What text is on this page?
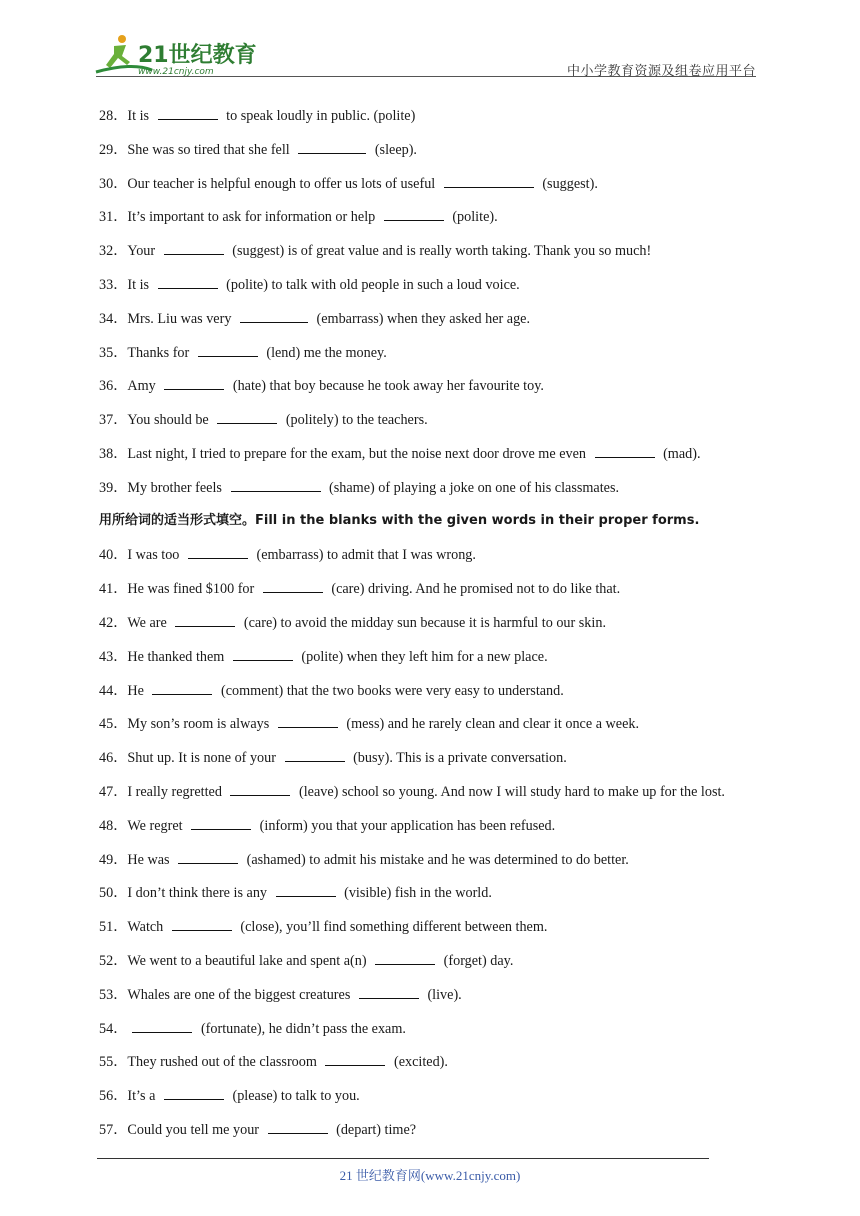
21世纪教育
www.21cnjy.com	中小学教育资源及组卷应用平台
28．It is	to speak loudly in public. (polite)
29．She was so tired that she fell	(sleep).
30．Our teacher is helpful enough to offer us lots of useful	(suggest).
31．It’s important to ask for information or help	(polite).
32．Your	(suggest) is of great value and is really worth taking. Thank you so much!
33．It is	(polite) to talk with old people in such a loud voice.
34．Mrs. Liu was very	(embarrass) when they asked her age.
35．Thanks for	(lend) me the money.
36．Amy	(hate) that boy because he took away her favourite toy.
37．You should be	(politely) to the teachers.
38．Last night, I tried to prepare for the exam, but the noise next door drove me even	(mad).
39．My brother feels	(shame) of playing a joke on one of his classmates.
用所给词的适当形式填空。Fill in the blanks with the given words in their proper forms.
40．I was too	(embarrass) to admit that I was wrong.
41．He was fined $100 for	(care) driving. And he promised not to do like that.
42．We are	(care) to avoid the midday sun because it is harmful to our skin.
43．He thanked them	(polite) when they left him for a new place.
44．He	(comment) that the two books were very easy to understand.
45．My son’s room is always	(mess) and he rarely clean and clear it once a week.
46．Shut up. It is none of your	(busy). This is a private conversation.
47．I really regretted	(leave) school so young. And now I will study hard to make up for the lost.
48．We regret	(inform) you that your application has been refused.
49．He was	(ashamed) to admit his mistake and he was determined to do better.
50．I don’t think there is any	(visible) fish in the world.
51．Watch	(close), you’ll find something different between them.
52．We went to a beautiful lake and spent a(n)	(forget) day.
53．Whales are one of the biggest creatures	(live).
54．	(fortunate), he didn’t pass the exam.
55．They rushed out of the classroom	(excited).
56．It’s a	(please) to talk to you.
57．Could you tell me your	(depart) time?
21 世纪教育网(www.21cnjy.com)
